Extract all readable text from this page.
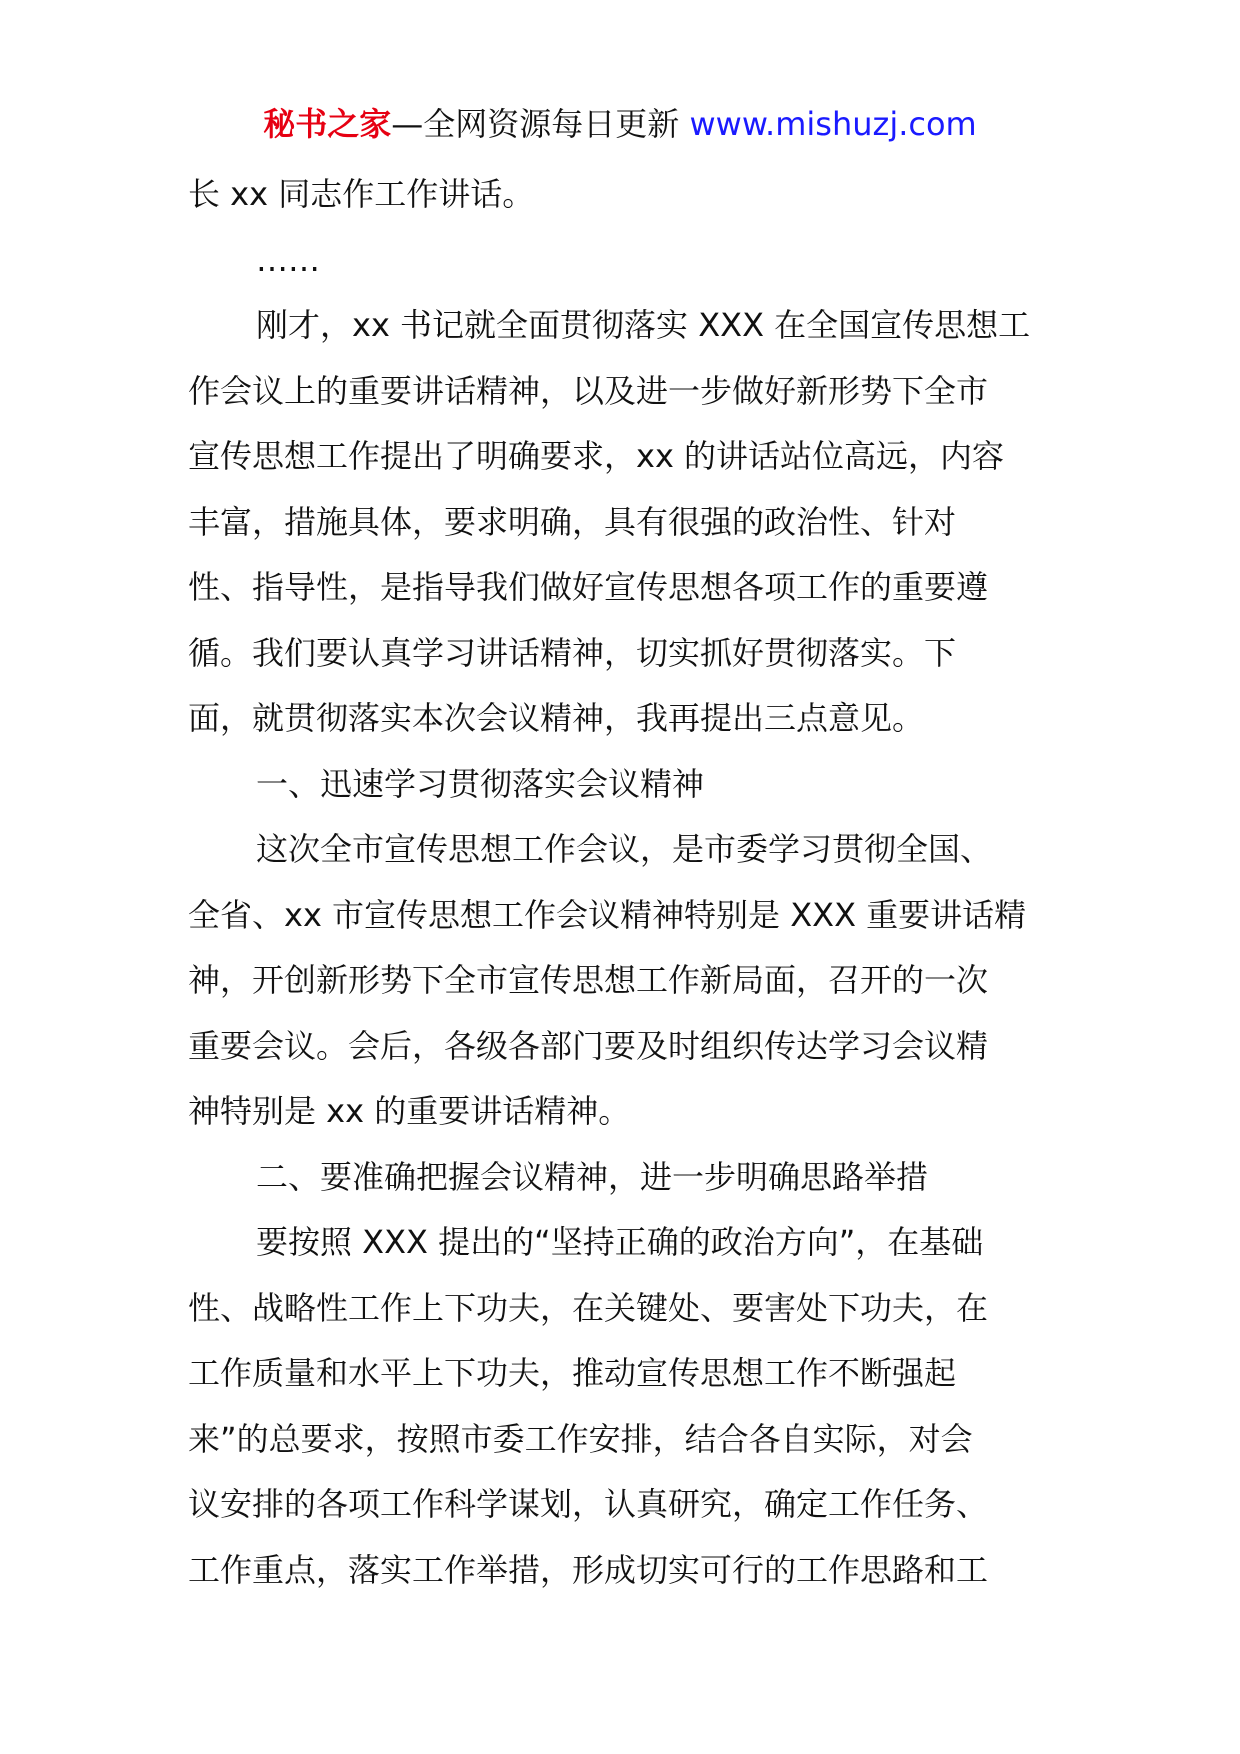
秘书之家—全网资源每日更新 www.mishuzj.com
长 xx 同志作工作讲话。
……
刚才，xx 书记就全面贯彻落实 XXX 在全国宣传思想工
作会议上的重要讲话精神，以及进一步做好新形势下全市
宣传思想工作提出了明确要求，xx 的讲话站位高远，内容
丰富，措施具体，要求明确，具有很强的政治性、针对
性、指导性，是指导我们做好宣传思想各项工作的重要遵
循。我们要认真学习讲话精神，切实抓好贯彻落实。下
面，就贯彻落实本次会议精神，我再提出三点意见。
一、迅速学习贯彻落实会议精神
这次全市宣传思想工作会议，是市委学习贯彻全国、
全省、xx 市宣传思想工作会议精神特别是 XXX 重要讲话精
神，开创新形势下全市宣传思想工作新局面，召开的一次
重要会议。会后，各级各部门要及时组织传达学习会议精
神特别是 xx 的重要讲话精神。
二、要准确把握会议精神，进一步明确思路举措
要按照 XXX 提出的“坚持正确的政治方向”，在基础
性、战略性工作上下功夫，在关键处、要害处下功夫，在
工作质量和水平上下功夫，推动宣传思想工作不断强起
来”的总要求，按照市委工作安排，结合各自实际，对会
议安排的各项工作科学谋划，认真研究，确定工作任务、
工作重点，落实工作举措，形成切实可行的工作思路和工
